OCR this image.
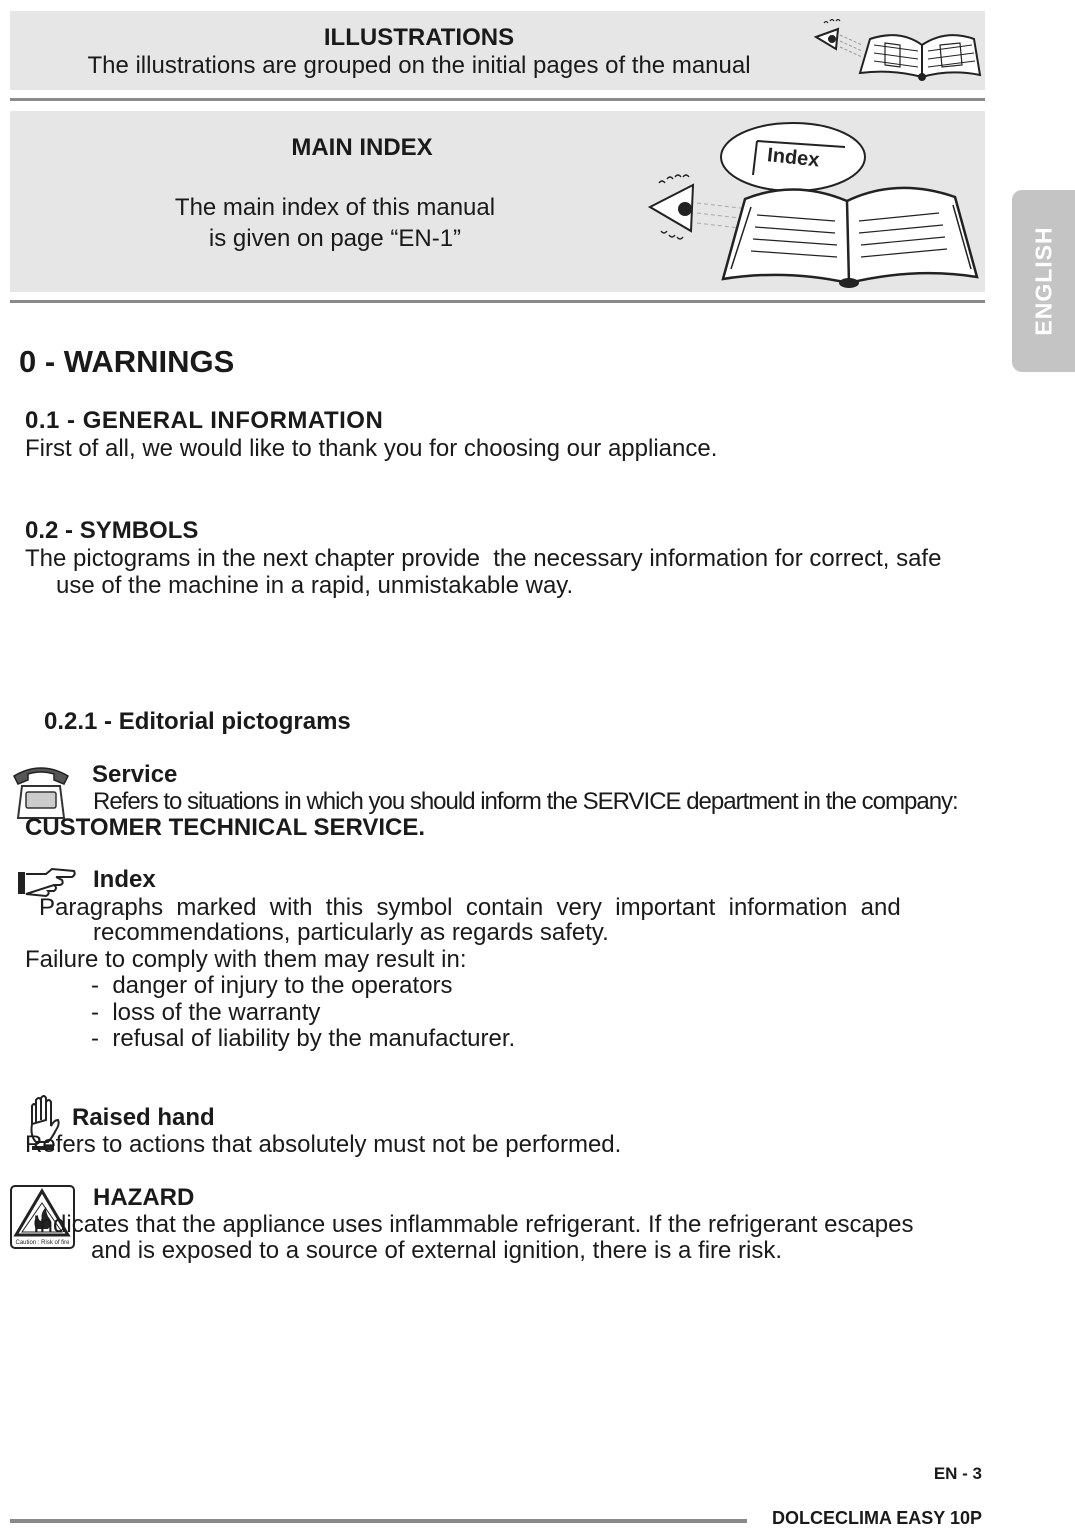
ILLUSTRATIONS
The illustrations are grouped on the initial pages of the manual
MAIN INDEX
The main index of this manual
is given on page “EN-1”
Index
ENGLISH
0 - WARNINGS
0.1 - GENERAL INFORMATION
First of all, we would like to thank you for choosing our appliance.
0.2 - SYMBOLS
The pictograms in the next chapter provide  the necessary information for correct, safe
use of the machine in a rapid, unmistakable way.
0.2.1 - Editorial pictograms
Service
Refers to situations in which you should inform the SERVICE department in the company:
CUSTOMER TECHNICAL SERVICE.
Index
Paragraphs  marked  with  this  symbol  contain  very  important  information  and
recommendations, particularly as regards safety.
Failure to comply with them may result in:
-  danger of injury to the operators
-  loss of the warranty
-  refusal of liability by the manufacturer.
Raised hand
Refers to actions that absolutely must not be performed.
Caution : Risk of fire
HAZARD
Indicates that the appliance uses inflammable refrigerant. If the refrigerant escapes
and is exposed to a source of external ignition, there is a fire risk.
EN - 3
DOLCECLIMA EASY 10P
